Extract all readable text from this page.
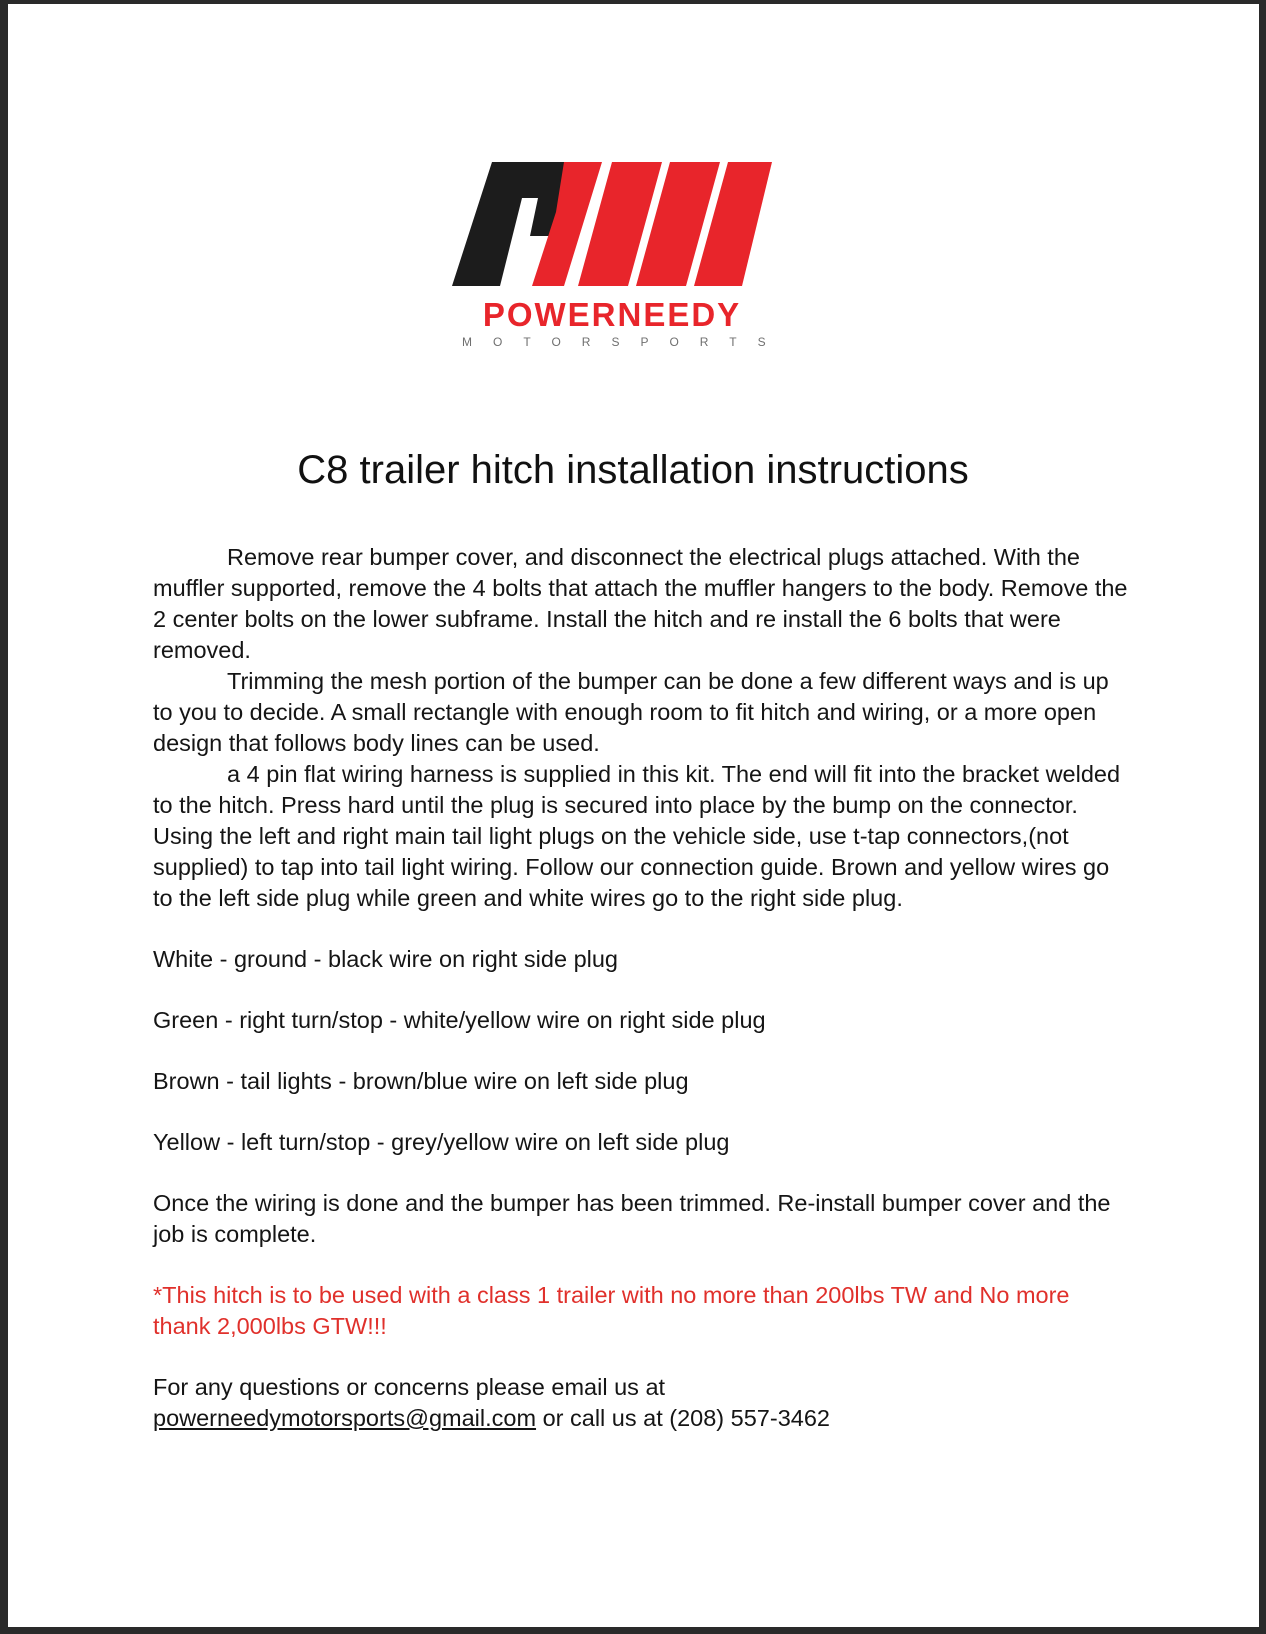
POWERNEEDY
MOTORSPORTS
C8 trailer hitch installation instructions

Remove rear bumper cover, and disconnect the electrical plugs attached. With the muffler supported, remove the 4 bolts that attach the muffler hangers to the body. Remove the 2 center bolts on the lower subframe. Install the hitch and re install the 6 bolts that were removed.

Trimming the mesh portion of the bumper can be done a few different ways and is up to you to decide. A small rectangle with enough room to fit hitch and wiring, or a more open design that follows body lines can be used.

a 4 pin flat wiring harness is supplied in this kit. The end will fit into the bracket welded to the hitch. Press hard until the plug is secured into place by the bump on the connector. Using the left and right main tail light plugs on the vehicle side, use t-tap connectors,(not supplied) to tap into tail light wiring. Follow our connection guide. Brown and yellow wires go to the left side plug while green and white wires go to the right side plug.

White - ground - black wire on right side plug

Green - right turn/stop - white/yellow wire on right side plug

Brown - tail lights - brown/blue wire on left side plug

Yellow - left turn/stop - grey/yellow wire on left side plug

Once the wiring is done and the bumper has been trimmed. Re-install bumper cover and the job is complete.

*This hitch is to be used with a class 1 trailer with no more than 200lbs TW and No more thank 2,000lbs GTW!!!

For any questions or concerns please email us at
powerneedymotorsports@gmail.com or call us at (208) 557-3462
